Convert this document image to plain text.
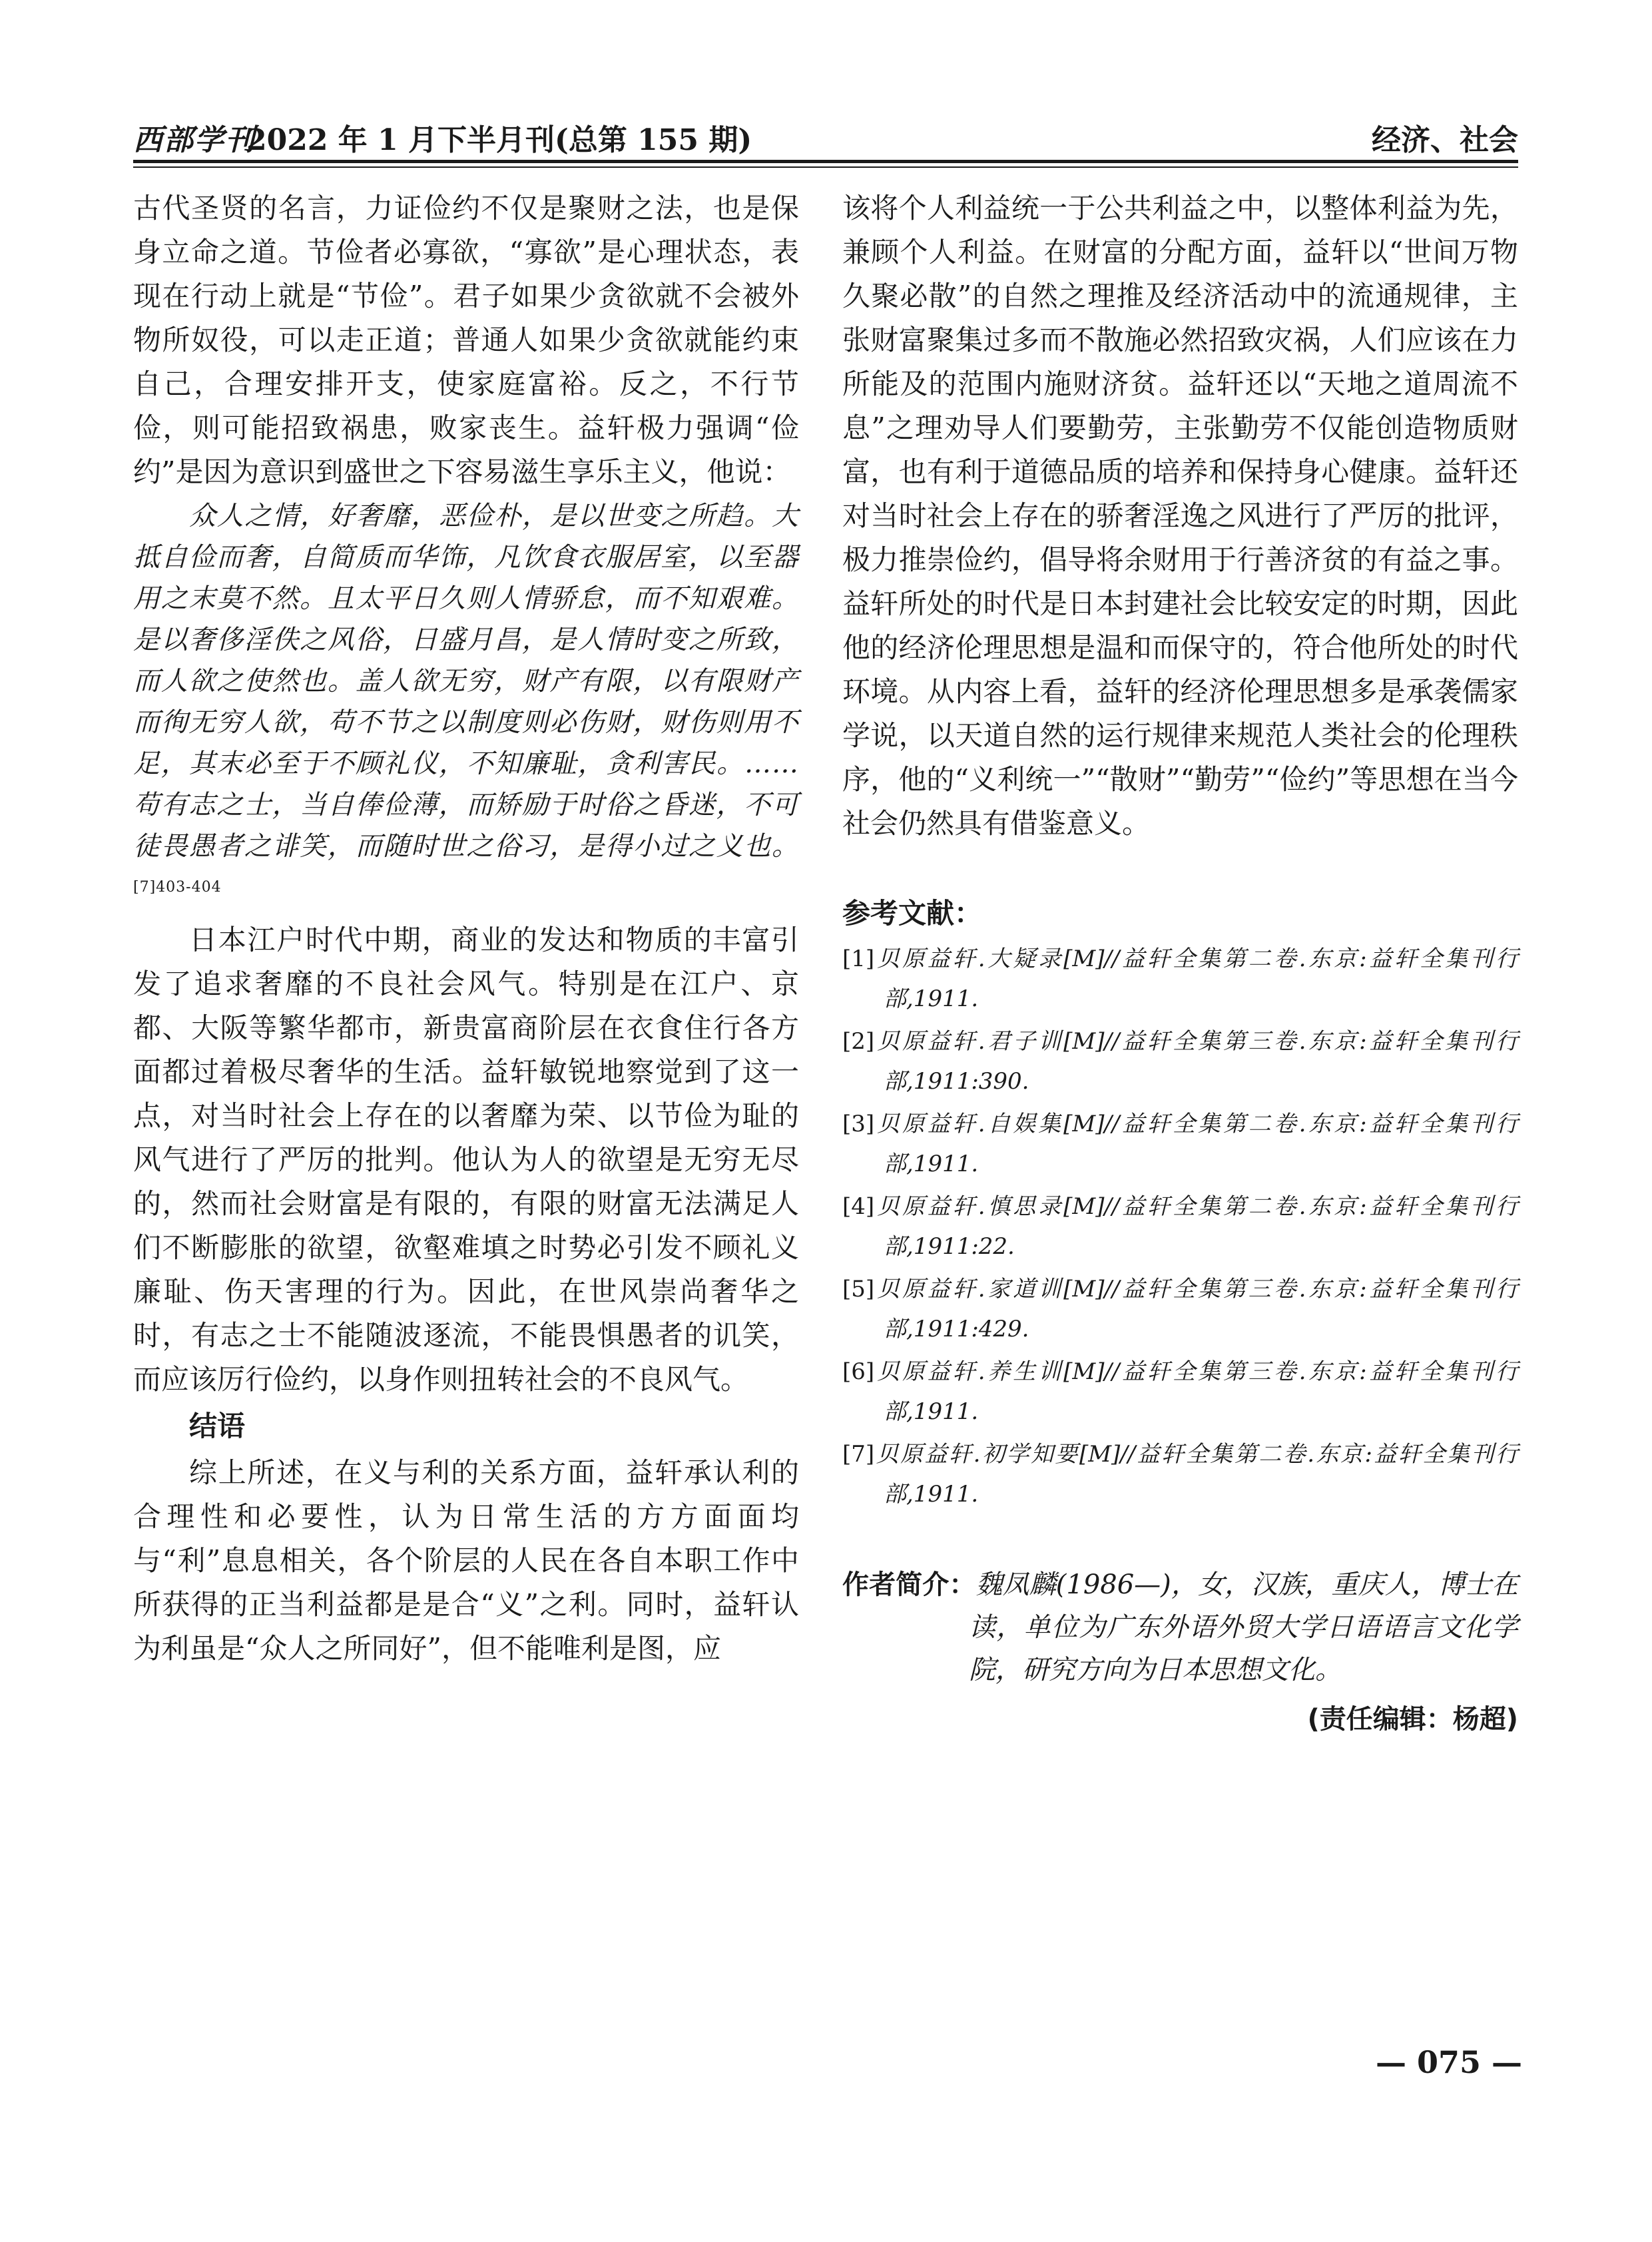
西部学刊
2022 年 1 月下半月刊(总第 155 期)	经济、社会

古代圣贤的名言，力证俭约不仅是聚财之法，也是保身立命之道。节俭者必寡欲，“寡欲”是心理状态，表现在行动上就是“节俭”。君子如果少贪欲就不会被外物所奴役，可以走正道；普通人如果少贪欲就能约束自己，合理安排开支，使家庭富裕。反之，不行节俭，则可能招致祸患，败家丧生。益轩极力强调“俭约”是因为意识到盛世之下容易滋生享乐主义，他说：

众人之情，好奢靡，恶俭朴，是以世变之所趋。大抵自俭而奢，自简质而华饰，凡饮食衣服居室，以至器用之末莫不然。且太平日久则人情骄怠，而不知艰难。是以奢侈淫佚之风俗，日盛月昌，是人情时变之所致，而人欲之使然也。盖人欲无穷，财产有限，以有限财产而徇无穷人欲，苟不节之以制度则必伤财，财伤则用不足，其末必至于不顾礼仪，不知廉耻，贪利害民。……苟有志之士，当自俸俭薄，而矫励于时俗之昏迷，不可徒畏愚者之诽笑，而随时世之俗习，是得小过之义也。$^{[7]403-404}$

日本江户时代中期，商业的发达和物质的丰富引发了追求奢靡的不良社会风气。特别是在江户、京都、大阪等繁华都市，新贵富商阶层在衣食住行各方面都过着极尽奢华的生活。益轩敏锐地察觉到了这一点，对当时社会上存在的以奢靡为荣、以节俭为耻的风气进行了严厉的批判。他认为人的欲望是无穷无尽的，然而社会财富是有限的，有限的财富无法满足人们不断膨胀的欲望，欲壑难填之时势必引发不顾礼义廉耻、伤天害理的行为。因此，在世风崇尚奢华之时，有志之士不能随波逐流，不能畏惧愚者的讥笑，而应该厉行俭约，以身作则扭转社会的不良风气。

结语

综上所述，在义与利的关系方面，益轩承认利的合理性和必要性，认为日常生活的方方面面均与“利”息息相关，各个阶层的人民在各自本职工作中所获得的正当利益都是是合“义”之利。同时，益轩认为利虽是“众人之所同好”，但不能唯利是图，应

该将个人利益统一于公共利益之中，以整体利益为先，兼顾个人利益。在财富的分配方面，益轩以“世间万物久聚必散”的自然之理推及经济活动中的流通规律，主张财富聚集过多而不散施必然招致灾祸，人们应该在力所能及的范围内施财济贫。益轩还以“天地之道周流不息”之理劝导人们要勤劳，主张勤劳不仅能创造物质财富，也有利于道德品质的培养和保持身心健康。益轩还对当时社会上存在的骄奢淫逸之风进行了严厉的批评，极力推崇俭约，倡导将余财用于行善济贫的有益之事。益轩所处的时代是日本封建社会比较安定的时期，因此他的经济伦理思想是温和而保守的，符合他所处的时代环境。从内容上看，益轩的经济伦理思想多是承袭儒家学说，以天道自然的运行规律来规范人类社会的伦理秩序，他的“义利统一”“散财”“勤劳”“俭约”等思想在当今社会仍然具有借鉴意义。

参考文献：
[1]贝原益轩.大疑录[M]//益轩全集第二卷.东京:益轩全集刊行部,1911.
[2]贝原益轩.君子训[M]//益轩全集第三卷.东京:益轩全集刊行部,1911:390.
[3]贝原益轩.自娱集[M]//益轩全集第二卷.东京:益轩全集刊行部,1911.
[4]贝原益轩.慎思录[M]//益轩全集第二卷.东京:益轩全集刊行部,1911:22.
[5]贝原益轩.家道训[M]//益轩全集第三卷.东京:益轩全集刊行部,1911:429.
[6]贝原益轩.养生训[M]//益轩全集第三卷.东京:益轩全集刊行部,1911.
[7]贝原益轩.初学知要[M]//益轩全集第二卷.东京:益轩全集刊行部,1911.
作者简介：魏凤麟(1986—)，女，汉族，重庆人，博士在读，单位为广东外语外贸大学日语语言文化学院，研究方向为日本思想文化。
(责任编辑：杨超)
— 075 —
